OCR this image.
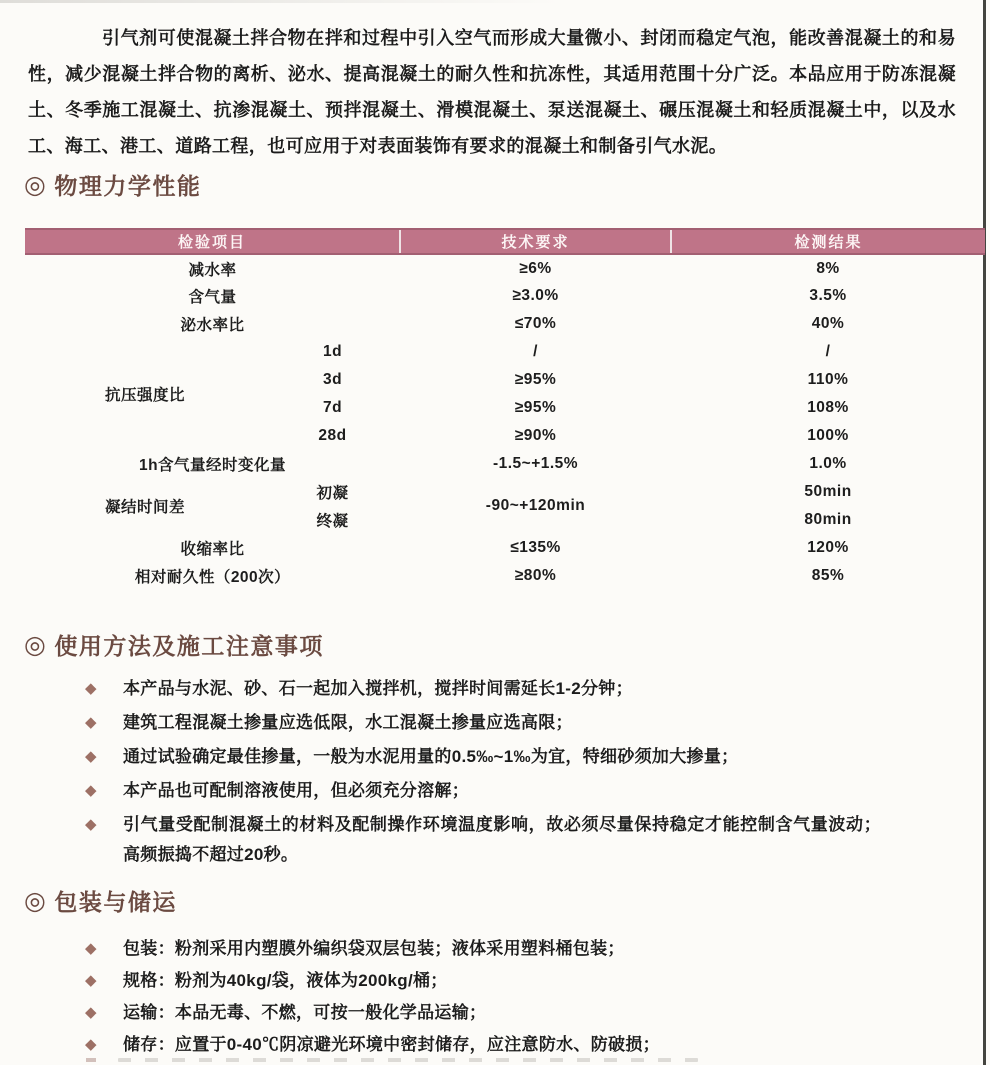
引气剂可使混凝土拌合物在拌和过程中引入空气而形成大量微小、封闭而稳定气泡，能改善混凝土的和易性，减少混凝土拌合物的离析、泌水、提高混凝土的耐久性和抗冻性，其适用范围十分广泛。本品应用于防冻混凝土、冬季施工混凝土、抗渗混凝土、预拌混凝土、滑模混凝土、泵送混凝土、碾压混凝土和轻质混凝土中，以及水工、海工、港工、道路工程，也可应用于对表面装饰有要求的混凝土和制备引气水泥。

◎ 物理力学性能
检验项目		技术要求	检测结果
减水率		≥6%	8%
含气量		≥3.0%	3.5%
泌水率比		≤70%	40%
抗压强度比	1d	/	/
	3d	≥95%	110%
	7d	≥95%	108%
	28d	≥90%	100%
1h含气量经时变化量		-1.5~+1.5%	1.0%
凝结时间差	初凝	-90~+120min	50min
	终凝		80min
收缩率比		≤135%	120%
相对耐久性（200次）		≥80%	85%
◎ 使用方法及施工注意事项
◆	本产品与水泥、砂、石一起加入搅拌机，搅拌时间需延长1-2分钟；
◆	建筑工程混凝土掺量应选低限，水工混凝土掺量应选高限；
◆	通过试验确定最佳掺量，一般为水泥用量的0.5‰~1‰为宜，特细砂须加大掺量；
◆	本产品也可配制溶液使用，但必须充分溶解；
◆	引气量受配制混凝土的材料及配制操作环境温度影响，故必须尽量保持稳定才能控制含气量波动；高频振捣不超过20秒。
◎ 包装与储运
◆	包装：粉剂采用内塑膜外编织袋双层包装；液体采用塑料桶包装；
◆	规格：粉剂为40kg/袋，液体为200kg/桶；
◆	运输：本品无毒、不燃，可按一般化学品运输；
◆	储存：应置于0-40℃阴凉避光环境中密封储存，应注意防水、防破损；
